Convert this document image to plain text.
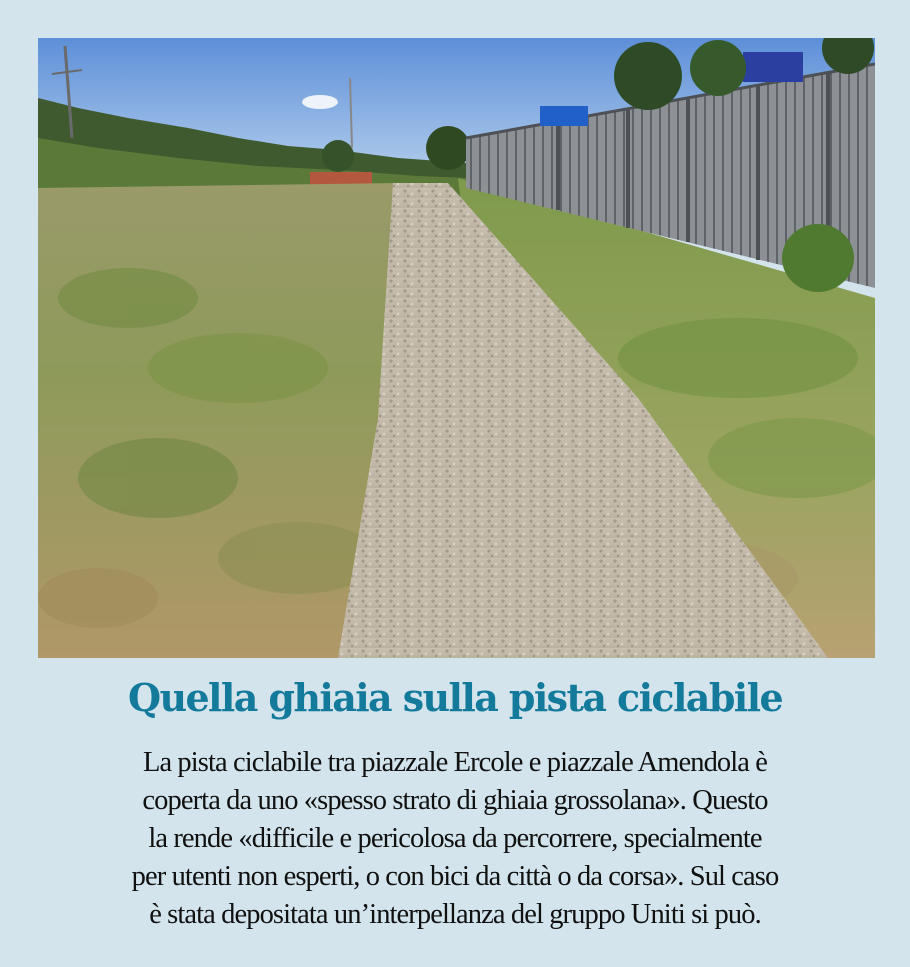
Quella ghiaia sulla pista ciclabile

La pista ciclabile tra piazzale Ercole e piazzale Amendola è
coperta da uno «spesso strato di ghiaia grossolana». Questo
la rende «difficile e pericolosa da percorrere, specialmente
per utenti non esperti, o con bici da città o da corsa». Sul caso
è stata depositata un’interpellanza del gruppo Uniti si può.
